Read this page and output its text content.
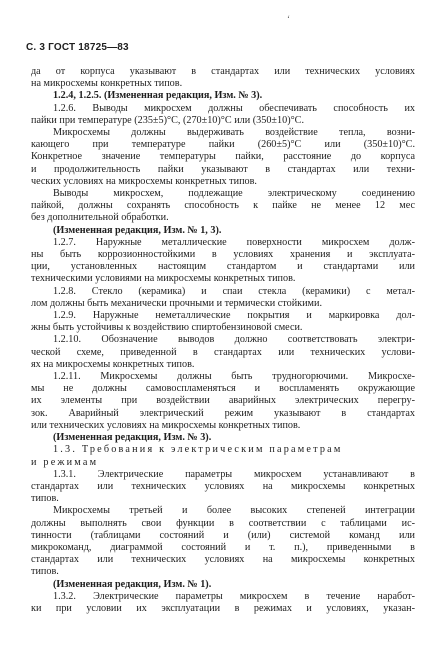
‘
С. 3 ГОСТ 18725—83

да от корпуса указывают в стандартах или технических условиях
на микросхемы конкретных типов.

1.2.4, 1.2.5. (Измененная редакция, Изм. № 3).

1.2.6. Выводы микросхем должны обеспечивать способность их
пайки при температуре (235±5)°С, (270±10)°С или (350±10)°С.

Микросхемы должны выдерживать воздействие тепла, возни-
кающего при температуре пайки (260±5)°С или (350±10)°С.
Конкретное значение температуры пайки, расстояние до корпуса
и продолжительность пайки указывают в стандартах или техни-
ческих условиях на микросхемы конкретных типов.

Выводы микросхем, подлежащие электрическому соединению
пайкой, должны сохранять способность к пайке не менее 12 мес
без дополнительной обработки.

(Измененная редакция, Изм. № 1, 3).

1.2.7. Наружные металлические поверхности микросхем долж-
ны быть коррозионностойкими в условиях хранения и эксплуата-
ции, установленных настоящим стандартом и стандартами или
техническими условиями на микросхемы конкретных типов.

1.2.8. Стекло (керамика) и спаи стекла (керамики) с метал-
лом должны быть механически прочными и термически стойкими.

1.2.9. Наружные неметаллические покрытия и маркировка дол-
жны быть устойчивы к воздействию спиртобензиновой смеси.

1.2.10. Обозначение выводов должно соответствовать электри-
ческой схеме, приведенной в стандартах или технических услови-
ях на микросхемы конкретных типов.

1.2.11. Микросхемы должны быть трудногорючими. Микросхе-
мы не должны самовоспламеняться и воспламенять окружающие
их элементы при воздействии аварийных электрических перегру-
зок. Аварийный электрический режим указывают в стандартах
или технических условиях на микросхемы конкретных типов.

(Измененная редакция, Изм. № 3).

1.3. Требования к электрическим параметрам
и режимам

1.3.1. Электрические параметры микросхем устанавливают в
стандартах или технических условиях на микросхемы конкретных
типов.

Микросхемы третьей и более высоких степеней интеграции
должны выполнять свои функции в соответствии с таблицами ис-
тинности (таблицами состояний и (или) системой команд или
микрокоманд, диаграммой состояний и т. п.), приведенными в
стандартах или технических условиях на микросхемы конкретных
типов.

(Измененная редакция, Изм. № 1).

1.3.2. Электрические параметры микросхем в течение наработ-
ки при условии их эксплуатации в режимах и условиях, указан-
